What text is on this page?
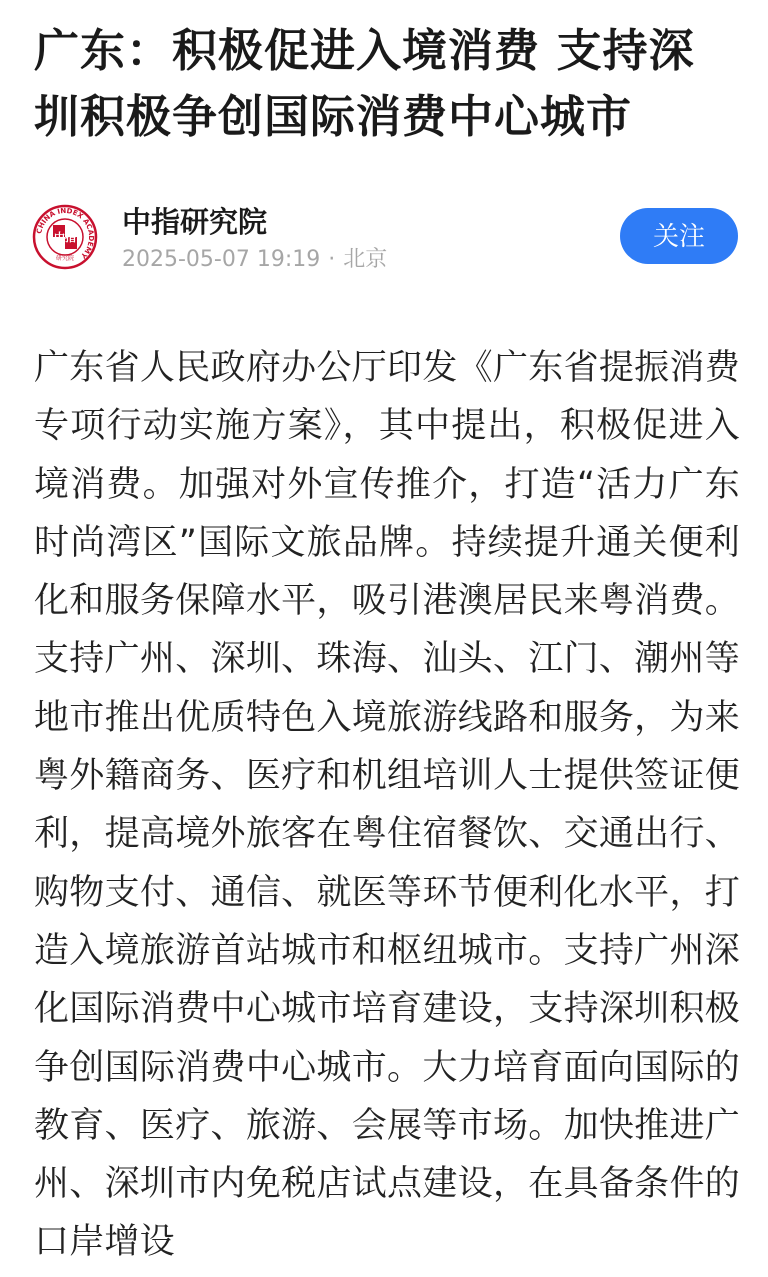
广东：积极促进入境消费 支持深圳积极争创国际消费中心城市
CHINA INDEX ACADEMY
中指
研究院
中指研究院
2025-05-07 19:19 · 北京
关注

广东省人民政府办公厅印发《广东省提振消费专项行动实施方案》，其中提出，积极促进入境消费。加强对外宣传推介，打造“活力广东 时尚湾区”国际文旅品牌。持续提升通关便利化和服务保障水平，吸引港澳居民来粤消费。支持广州、深圳、珠海、汕头、江门、潮州等地市推出优质特色入境旅游线路和服务，为来粤外籍商务、医疗和机组培训人士提供签证便利，提高境外旅客在粤住宿餐饮、交通出行、购物支付、通信、就医等环节便利化水平，打造入境旅游首站城市和枢纽城市。支持广州深化国际消费中心城市培育建设，支持深圳积极争创国际消费中心城市。大力培育面向国际的教育、医疗、旅游、会展等市场。加快推进广州、深圳市内免税店试点建设，在具备条件的口岸增设
